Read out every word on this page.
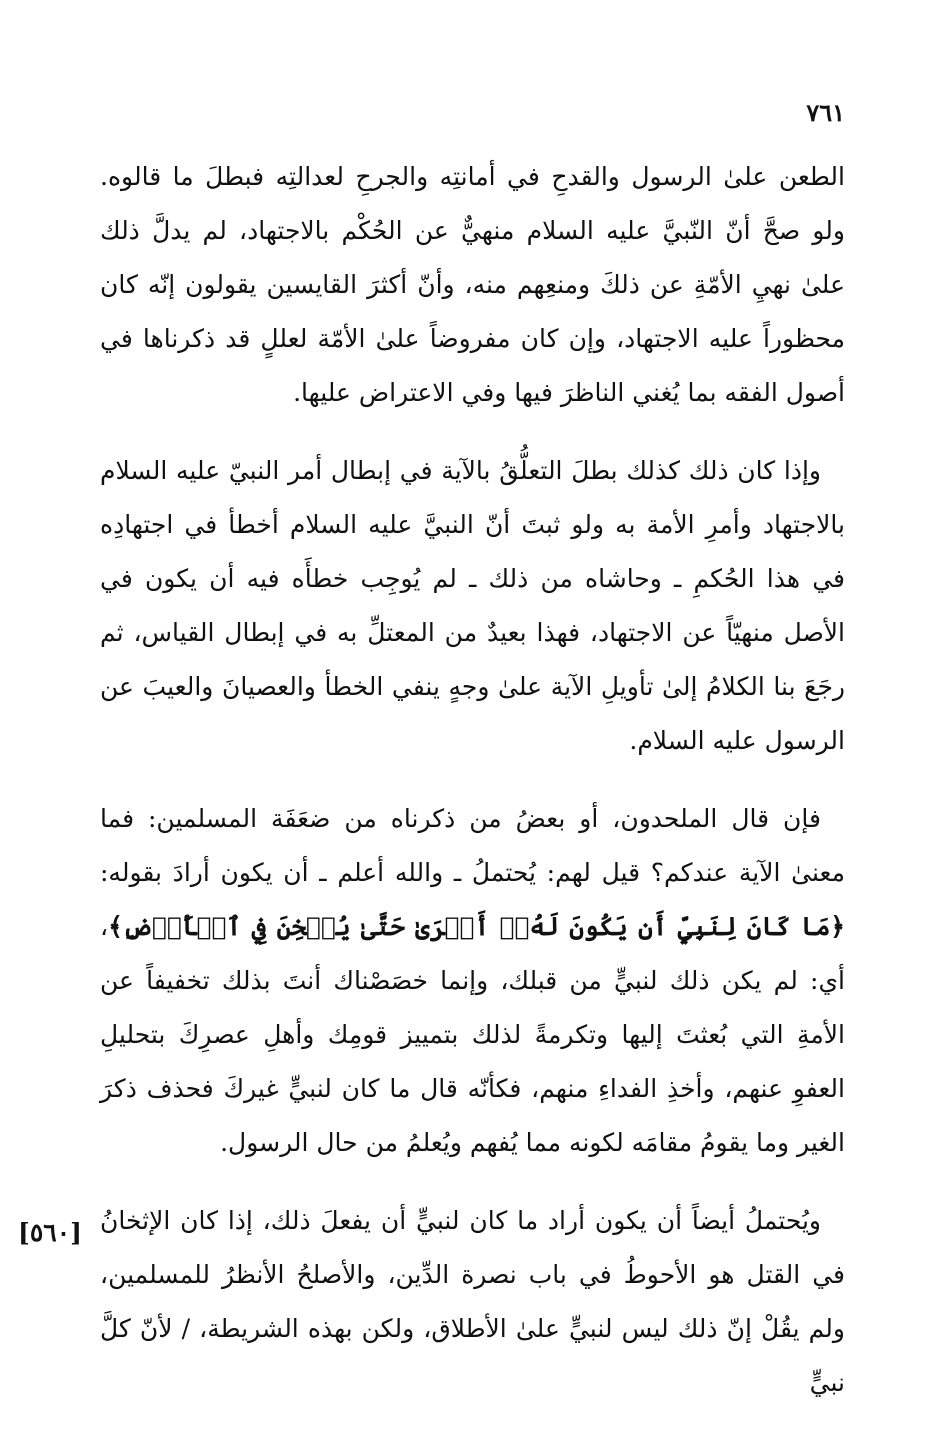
٧٦١

الطعن علىٰ الرسول والقدحِ في أمانتِه والجرحِ لعدالتِه فبطلَ ما قالوه. ولو صحَّ أنّ النّبيَّ عليه السلام منهيٌّ عن الحُكْم بالاجتهاد، لم يدلَّ ذلك علىٰ نهيِ الأمّةِ عن ذلكَ ومنعِهم منه، وأنّ أكثرَ القايسين يقولون إنّه كان محظوراً عليه الاجتهاد، وإن كان مفروضاً علىٰ الأمّة لعللٍ قد ذكرناها في أصول الفقه بما يُغني الناظرَ فيها وفي الاعتراض عليها.

وإذا كان ذلك كذلك بطلَ التعلُّقُ بالآية في إبطال أمر النبيّ عليه السلام بالاجتهاد وأمرِ الأمة به ولو ثبتَ أنّ النبيَّ عليه السلام أخطأ في اجتهادِه في هذا الحُكمِ ـ وحاشاه من ذلك ـ لم يُوجِب خطأَه فيه أن يكون في الأصل منهيّاً عن الاجتهاد، فهذا بعيدٌ من المعتلِّ به في إبطال القياس، ثم رجَعَ بنا الكلامُ إلىٰ تأويلِ الآية علىٰ وجهٍ ينفي الخطأ والعصيانَ والعيبَ عن الرسول عليه السلام.

فإن قال الملحدون، أو بعضُ من ذكرناه من ضعَفَة المسلمين: فما معنىٰ الآية عندكم؟ قيل لهم: يُحتملُ ـ والله أعلم ـ أن يكون أرادَ بقوله: ﴿مَا كَانَ لِنَبِيٍّ أَن يَكُونَ لَهُۥٓ أَسۡرَىٰ حَتَّىٰ يُثۡخِنَ فِي ٱلۡأَرۡضِ﴾، أي: لم يكن ذلك لنبيٍّ من قبلك، وإنما خصَصْناك أنتَ بذلك تخفيفاً عن الأمةِ التي بُعثتَ إليها وتكرمةً لذلك بتمييز قومِك وأهلِ عصرِكَ بتحليلِ العفوِ عنهم، وأخذِ الفداءِ منهم، فكأنّه قال ما كان لنبيٍّ غيركَ فحذف ذكرَ الغير وما يقومُ مقامَه لكونه مما يُفهم ويُعلمُ من حال الرسول.

ويُحتملُ أيضاً أن يكون أراد ما كان لنبيٍّ أن يفعلَ ذلك، إذا كان الإثخانُ في القتل هو الأحوطُ في باب نصرة الدِّين، والأصلحُ الأنظرُ للمسلمين، ولم يقُلْ إنّ ذلك ليس لنبيٍّ علىٰ الأطلاق، ولكن بهذه الشريطة، / لأنّ كلَّ نبيٍّ

[٥٦٠]
